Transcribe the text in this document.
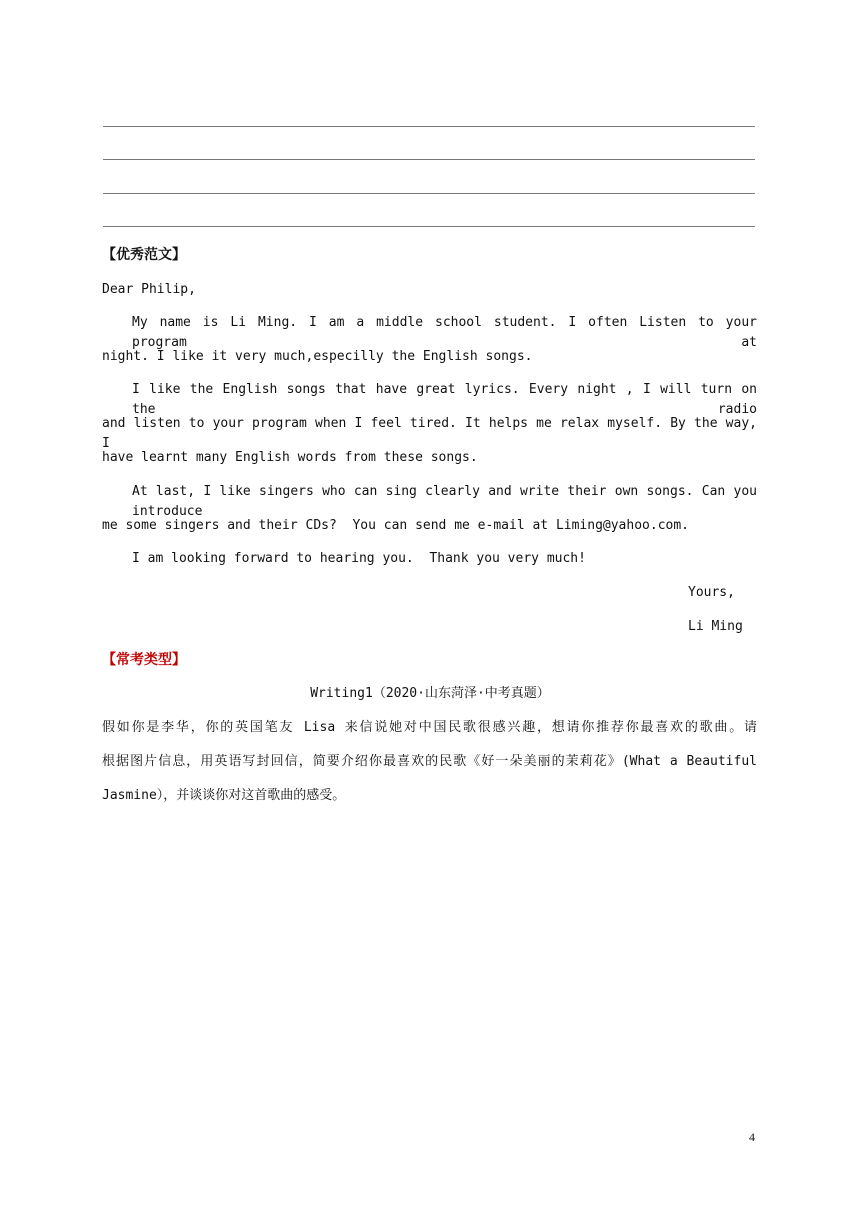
【优秀范文】
Dear Philip,
My name is Li Ming. I am a middle school student. I often Listen to your program at
night. I like it very much,especilly the English songs.
I like the English songs that have great lyrics. Every night , I will turn on the radio
and listen to your program when I feel tired. It helps me relax myself. By the way, I
have learnt many English words from these songs.
At last, I like singers who can sing clearly and write their own songs. Can you introduce
me some singers and their CDs?  You can send me e-mail at Liming@yahoo.com.
I am looking forward to hearing you.  Thank you very much!
Yours,
Li Ming
【常考类型】
Writing1（2020·山东菏泽·中考真题）
假如你是李华，你的英国笔友 Lisa 来信说她对中国民歌很感兴趣，想请你推荐你最喜欢的歌曲。请
根据图片信息，用英语写封回信，简要介绍你最喜欢的民歌《好一朵美丽的茉莉花》(What a Beautiful
Jasmine），并谈谈你对这首歌曲的感受。
4
